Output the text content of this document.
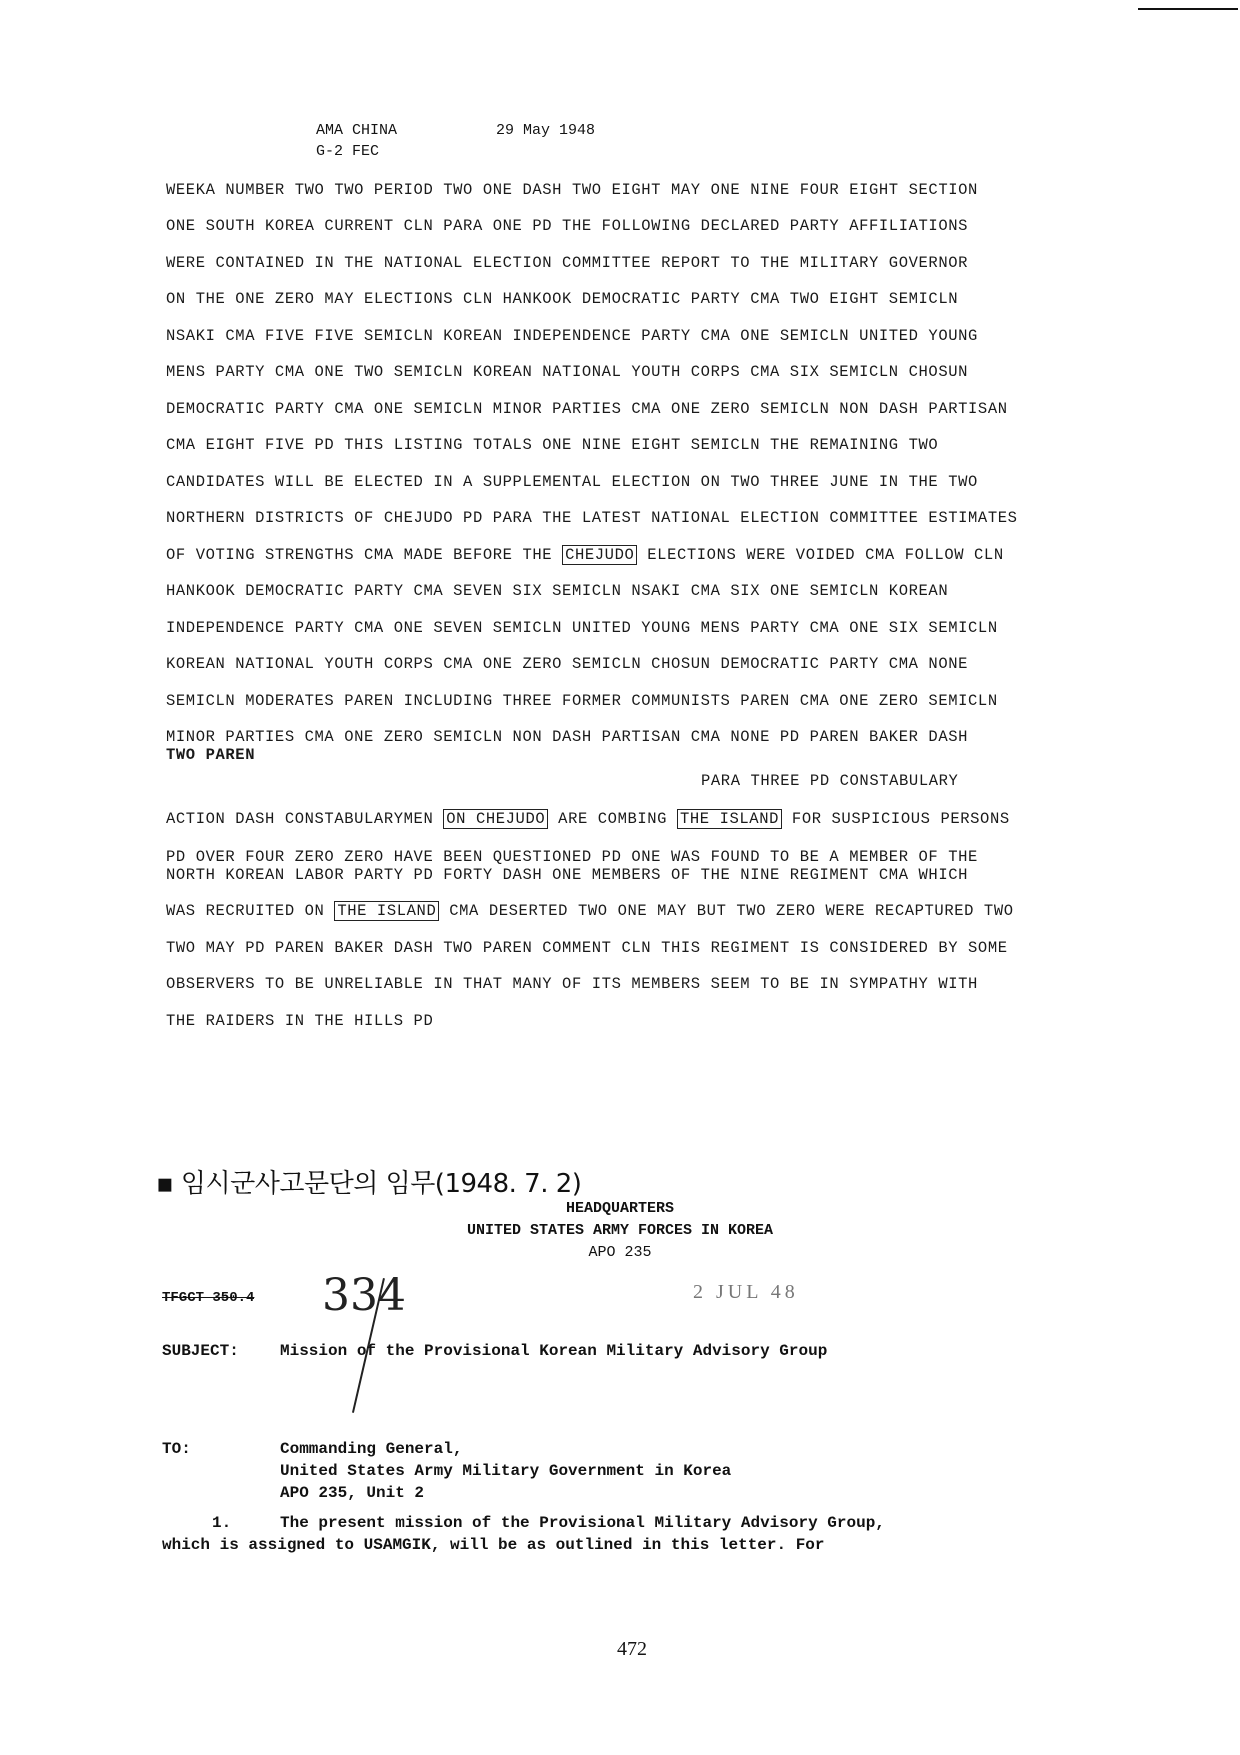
AMA CHINA	29 May 1948
G-2 FEC
WEEKA NUMBER TWO TWO PERIOD TWO ONE DASH TWO EIGHT MAY ONE NINE FOUR EIGHT SECTION
ONE SOUTH KOREA CURRENT CLN PARA ONE PD THE FOLLOWING DECLARED PARTY AFFILIATIONS
WERE CONTAINED IN THE NATIONAL ELECTION COMMITTEE REPORT TO THE MILITARY GOVERNOR
ON THE ONE ZERO MAY ELECTIONS CLN HANKOOK DEMOCRATIC PARTY CMA TWO EIGHT SEMICLN
NSAKI CMA FIVE FIVE SEMICLN KOREAN INDEPENDENCE PARTY CMA ONE SEMICLN UNITED YOUNG
MENS PARTY CMA ONE TWO SEMICLN KOREAN NATIONAL YOUTH CORPS CMA SIX SEMICLN CHOSUN
DEMOCRATIC PARTY CMA ONE SEMICLN MINOR PARTIES CMA ONE ZERO SEMICLN NON DASH PARTISAN
CMA EIGHT FIVE PD THIS LISTING TOTALS ONE NINE EIGHT SEMICLN THE REMAINING TWO
CANDIDATES WILL BE ELECTED IN A SUPPLEMENTAL ELECTION ON TWO THREE JUNE IN THE TWO
NORTHERN DISTRICTS OF CHEJUDO PD PARA THE LATEST NATIONAL ELECTION COMMITTEE ESTIMATES
OF VOTING STRENGTHS CMA MADE BEFORE THE CHEJUDO ELECTIONS WERE VOIDED CMA FOLLOW CLN
HANKOOK DEMOCRATIC PARTY CMA SEVEN SIX SEMICLN NSAKI CMA SIX ONE SEMICLN KOREAN
INDEPENDENCE PARTY CMA ONE SEVEN SEMICLN UNITED YOUNG MENS PARTY CMA ONE SIX SEMICLN
KOREAN NATIONAL YOUTH CORPS CMA ONE ZERO SEMICLN CHOSUN DEMOCRATIC PARTY CMA NONE
SEMICLN MODERATES PAREN INCLUDING THREE FORMER COMMUNISTS PAREN CMA ONE ZERO SEMICLN
MINOR PARTIES CMA ONE ZERO SEMICLN NON DASH PARTISAN CMA NONE PD PAREN BAKER DASH
TWO PAREN
PARA THREE PD CONSTABULARY
ACTION DASH CONSTABULARYMEN ON CHEJUDO ARE COMBING THE ISLAND FOR SUSPICIOUS PERSONS
PD OVER FOUR ZERO ZERO HAVE BEEN QUESTIONED PD ONE WAS FOUND TO BE A MEMBER OF THE
NORTH KOREAN LABOR PARTY PD FORTY DASH ONE MEMBERS OF THE NINE REGIMENT CMA WHICH
WAS RECRUITED ON THE ISLAND CMA DESERTED TWO ONE MAY BUT TWO ZERO WERE RECAPTURED TWO
TWO MAY PD PAREN BAKER DASH TWO PAREN COMMENT CLN THIS REGIMENT IS CONSIDERED BY SOME
OBSERVERS TO BE UNRELIABLE IN THAT MANY OF ITS MEMBERS SEEM TO BE IN SYMPATHY WITH
THE RAIDERS IN THE HILLS PD
▪ 임시군사고문단의 임무(1948. 7. 2)
HEADQUARTERS
UNITED STATES ARMY FORCES IN KOREA
APO 235
TFGCT 350.4 334	2 JUL 48
SUBJECT:	Mission of the Provisional Korean Military Advisory Group
TO:	Commanding General,
United States Army Military Government in Korea
APO 235, Unit 2
1.	The present mission of the Provisional Military Advisory Group,
which is assigned to USAMGIK, will be as outlined in this letter. For
472
